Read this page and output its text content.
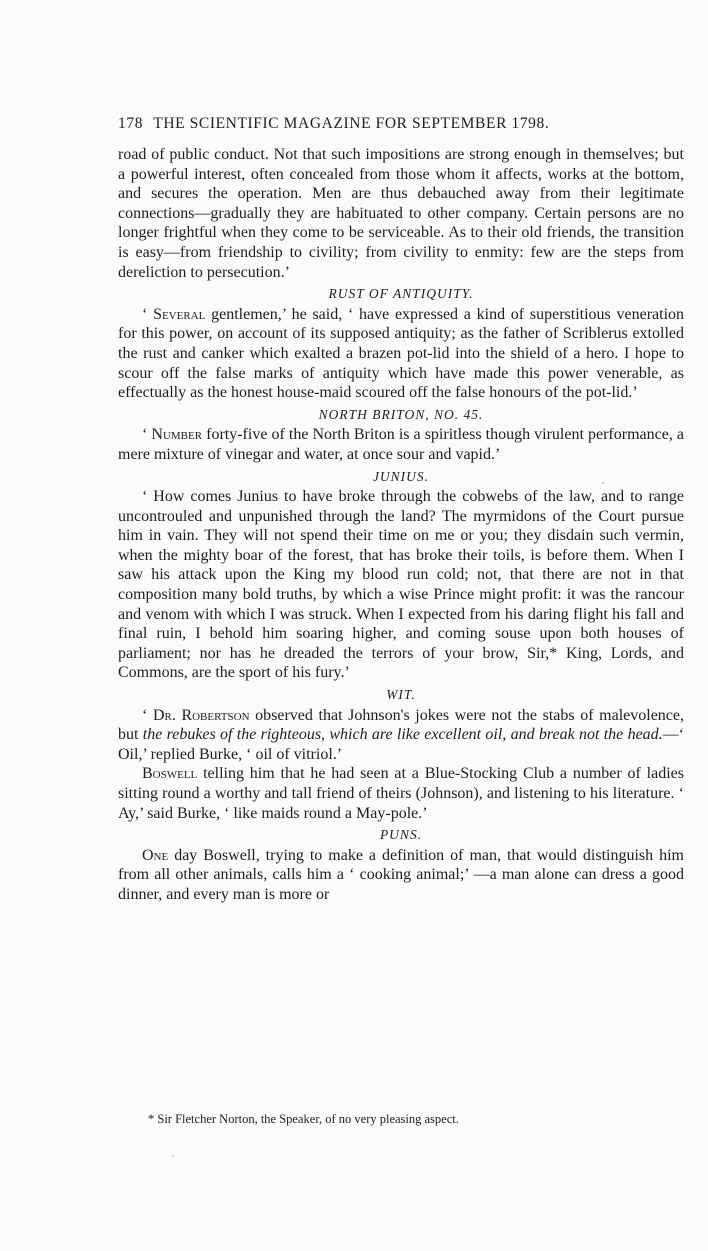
178 THE SCIENTIFIC MAGAZINE FOR SEPTEMBER 1798.

road of public conduct. Not that such impositions are strong enough in themselves; but a powerful interest, often concealed from those whom it affects, works at the bottom, and secures the operation. Men are thus debauched away from their legitimate connections—gradually they are habituated to other company. Certain persons are no longer frightful when they come to be serviceable. As to their old friends, the transition is easy—from friendship to civility; from civility to enmity: few are the steps from dereliction to persecution.’

RUST OF ANTIQUITY.

‘ Several gentlemen,’ he said, ‘ have expressed a kind of superstitious veneration for this power, on account of its supposed antiquity; as the father of Scriblerus extolled the rust and canker which exalted a brazen pot-lid into the shield of a hero. I hope to scour off the false marks of antiquity which have made this power venerable, as effectually as the honest house-maid scoured off the false honours of the pot-lid.’

NORTH BRITON, NO. 45.

‘ Number forty-five of the North Briton is a spiritless though virulent performance, a mere mixture of vinegar and water, at once sour and vapid.’

JUNIUS.

‘ How comes Junius to have broke through the cobwebs of the law, and to range uncontrouled and unpunished through the land? The myrmidons of the Court pursue him in vain. They will not spend their time on me or you; they disdain such vermin, when the mighty boar of the forest, that has broke their toils, is before them. When I saw his attack upon the King my blood run cold; not, that there are not in that composition many bold truths, by which a wise Prince might profit: it was the rancour and venom with which I was struck. When I expected from his daring flight his fall and final ruin, I behold him soaring higher, and coming souse upon both houses of parliament; nor has he dreaded the terrors of your brow, Sir,* King, Lords, and Commons, are the sport of his fury.’

WIT.

‘ Dr. Robertson observed that Johnson's jokes were not the stabs of malevolence, but the rebukes of the righteous, which are like excellent oil, and break not the head.—‘ Oil,’ replied Burke, ‘ oil of vitriol.’

Boswell telling him that he had seen at a Blue-Stocking Club a number of ladies sitting round a worthy and tall friend of theirs (Johnson), and listening to his literature. ‘ Ay,’ said Burke, ‘ like maids round a May-pole.’

PUNS.

One day Boswell, trying to make a definition of man, that would distinguish him from all other animals, calls him a ‘ cooking animal;’ —a man alone can dress a good dinner, and every man is more or

* Sir Fletcher Norton, the Speaker, of no very pleasing aspect.
